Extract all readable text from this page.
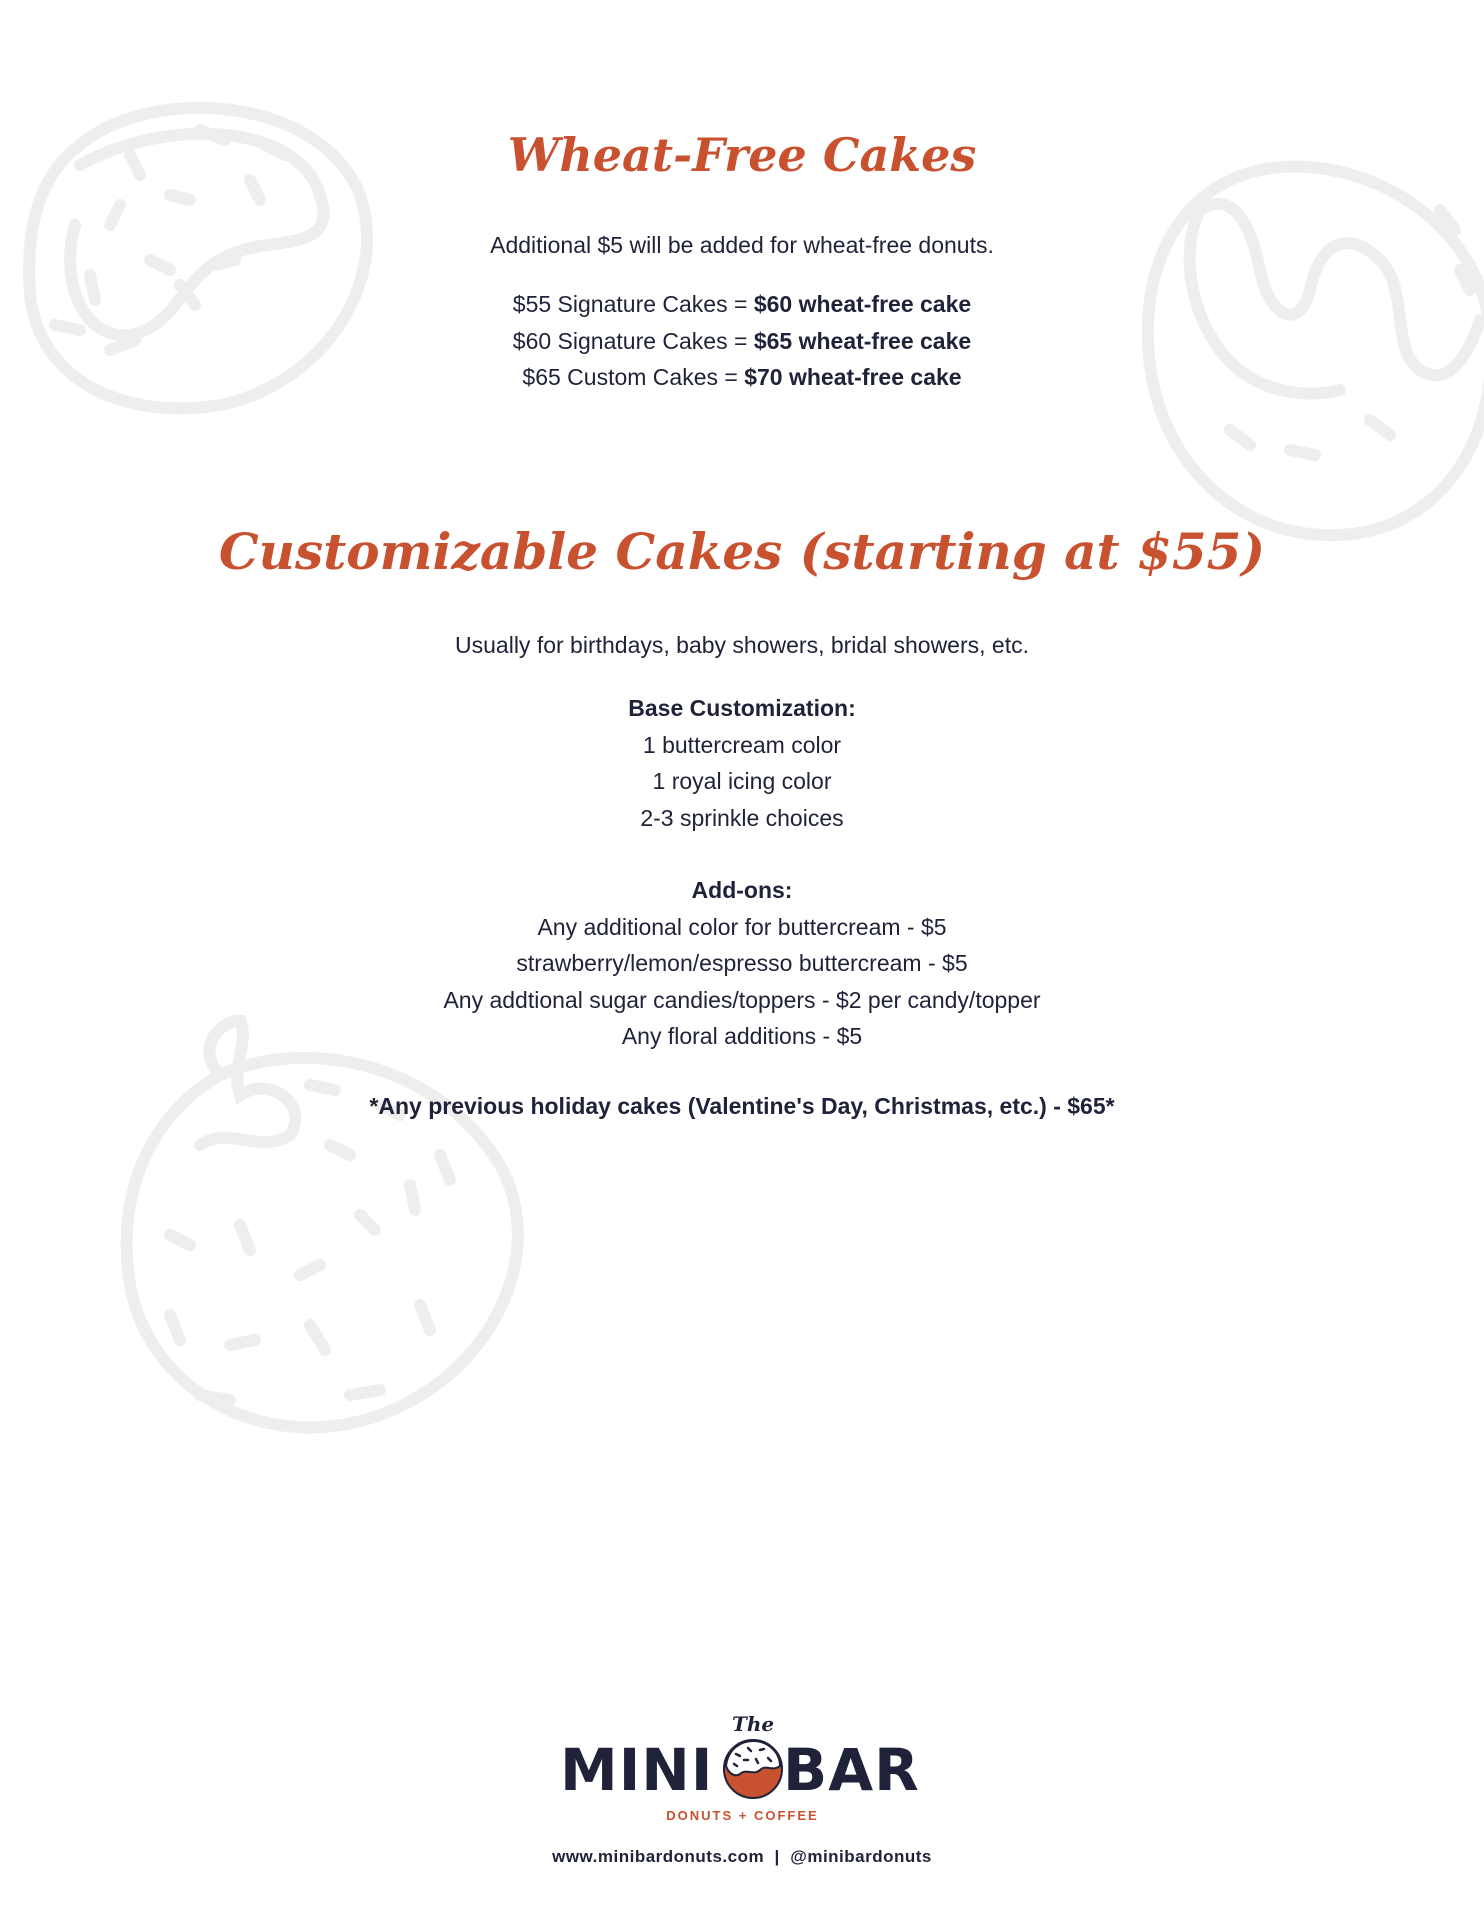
Wheat-Free Cakes

Additional $5 will be added for wheat-free donuts.

$55 Signature Cakes = $60 wheat-free cake

$60 Signature Cakes = $65 wheat-free cake

$65 Custom Cakes = $70 wheat-free cake

Customizable Cakes (starting at $55)

Usually for birthdays, baby showers, bridal showers, etc.

Base Customization:

1 buttercream color

1 royal icing color

2-3 sprinkle choices

Add-ons:

Any additional color for buttercream - $5

strawberry/lemon/espresso buttercream - $5

Any addtional sugar candies/toppers - $2 per candy/topper

Any floral additions - $5

*Any previous holiday cakes (Valentine's Day, Christmas, etc.) - $65*

The
MINI BAR
DONUTS + COFFEE
www.minibardonuts.com  |  @minibardonuts
